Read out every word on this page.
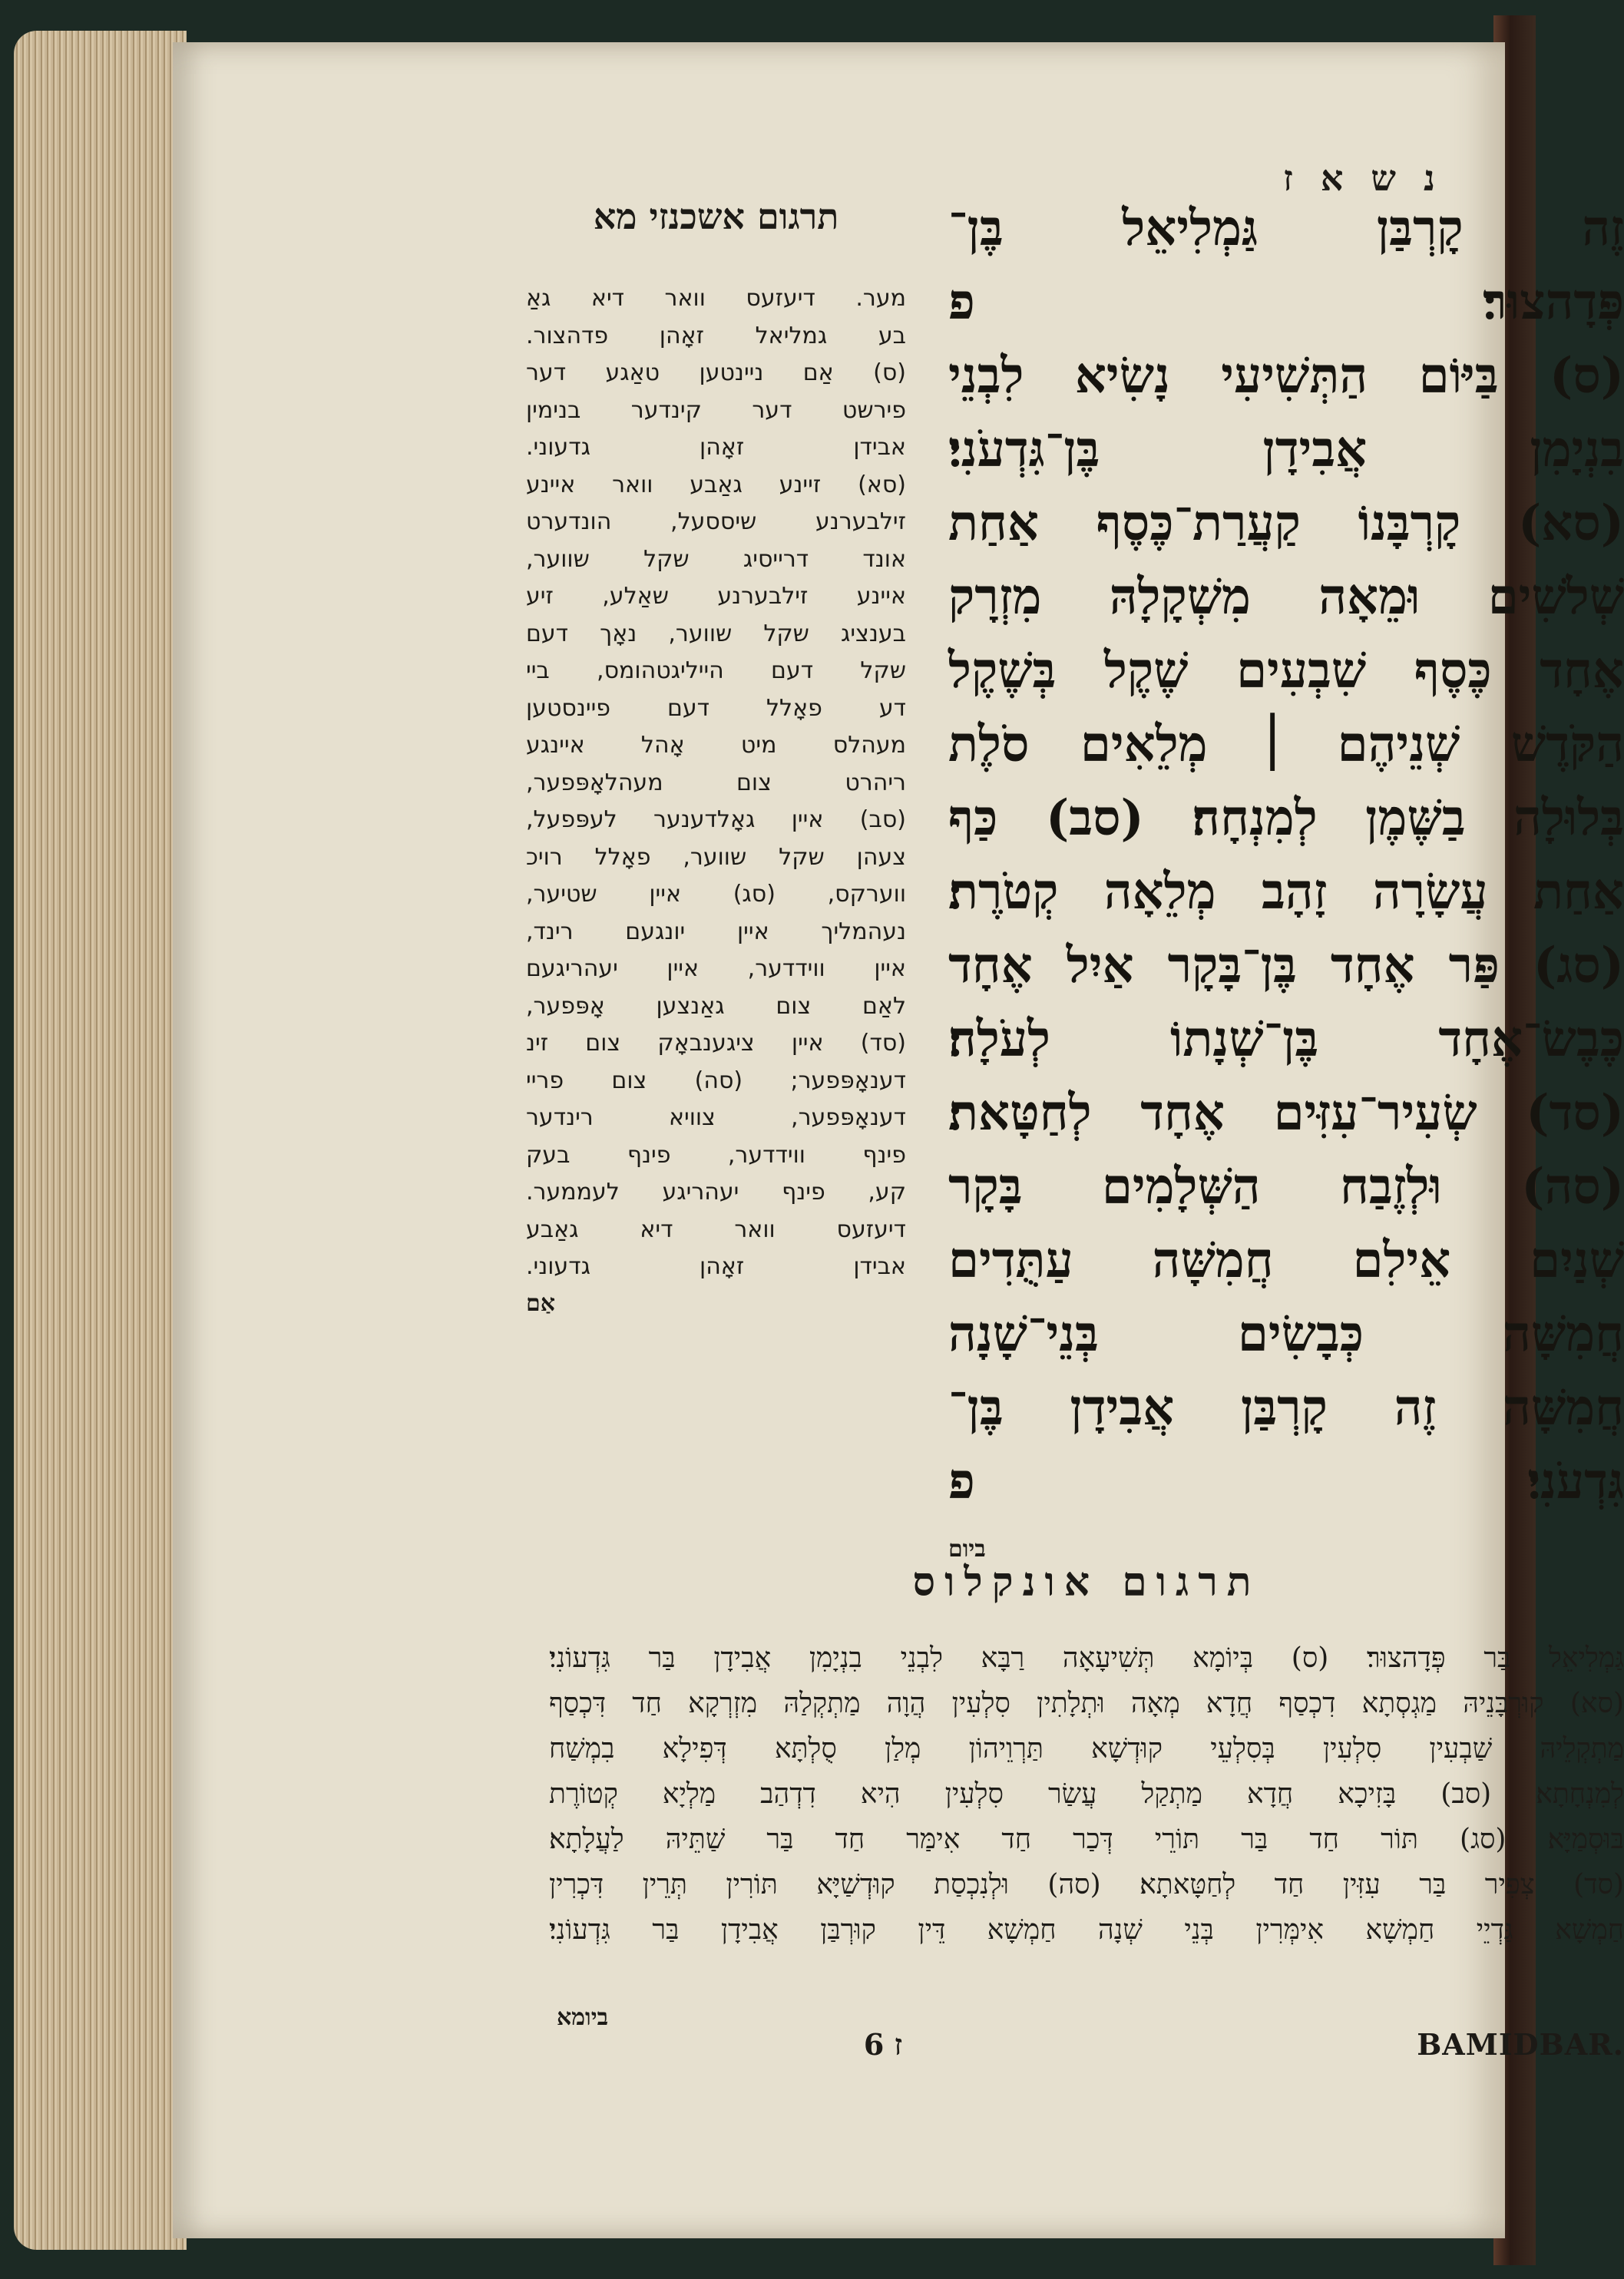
נ ש א ז
תרגום אשכנזי מא
מער. דיעזעס וואר דיא גאַ
בע גמליאל זאָהן פדהצור.
(ס) אַם ניינטען טאַגע דער
פירשט דער קינדער בנימין
אבידן זאָהן גדעוני.
(סא) זיינע גאַבע וואר איינע
זילבערנע שיססעל, הונדערט
אונד דרייסיג שקל שווער,
איינע זילבערנע שאַלע, זיע
בענציג שקל שווער, נאָך דעם
שקל דעם הייליגטהומס, ביי
דע פאָלל דעם פיינסטען
מעהלס מיט אָהל איינגע
ריהרט צום מעהלאָפּפער,
(סב) איין גאָלדענער לעפּפעל,
צעהן שקל שווער, פאָלל רויכ
ווערקס, (סג) איין שטיער,
נעהמליך איין יונגעם רינד,
איין ווידדער, איין יעהריגעם
לאַם צום גאַנצען אָפּפער,
(סד) איין ציגענבאָק צום זינ
דענאָפּפער; (סה) צום פריי
דענאָפּפער, צוויא רינדער
פינף ווידדער, פינף בעק
קע, פינף יעהריגע לעממער.
דיעזעס וואר דיא גאַבע
אבידן זאָהן גדעוני.
אַם
זֶה קָרְבַּן גַּמְלִיאֵל בֶּן־
פְּדָהצוּר׃ פ
(ס) בַּיּוֹם הַתְּשִׁיעִי נָשִׂיא לִבְנֵי
בִנְיָמִן אֲבִידָן בֶּן־גִּדְעֹנִי׃
(סא) קָרְבָּנוֹ קַעֲרַת־כֶּסֶף אַחַת
שְׁלֹשִׁים וּמֵאָה מִשְׁקָלָהּ מִזְרָק
אֶחָד כֶּסֶף שִׁבְעִים שֶׁקֶל בְּשֶׁקֶל
הַקֹּדֶשׁ שְׁנֵיהֶם ׀ מְלֵאִים סֹלֶת
בְּלוּלָה בַשֶּׁמֶן לְמִנְחָה׃ (סב) כַּף
אַחַת עֲשָׂרָה זָהָב מְלֵאָה קְטֹרֶת׃
(סג) פַּר אֶחָד בֶּן־בָּקָר אַיִל אֶחָד
כֶּבֶשׂ־אֶחָד בֶּן־שְׁנָתוֹ לְעֹלָה׃
(סד) שְׂעִיר־עִזִּים אֶחָד לְחַטָּאת׃
(סה) וּלְזֶבַח הַשְּׁלָמִים בָּקָר
שְׁנַיִם אֵילִם חֲמִשָּׁה עַתֻּדִים
חֲמִשָּׁה כְּבָשִׂים בְּנֵי־שָׁנָה
חֲמִשָּׁה זֶה קָרְבַּן אֲבִידָן בֶּן־
גִּדְעֹנִי׃ פ
ביום
תרגום אונקלוס
גַּמְלִיאֵל בַּר פְּדָהצוּר׃ (ס) בְּיוֹמָא תְּשִׁיעָאָה רַבָּא לִבְנֵי בִנְיָמִן אֲבִידָן בַּר גִּדְעוֹנִי׃
(סא) קוּרְבָּנֵיהּ מַגְסְתָא דִכְסַף חֲדָא מְאָה וּתְלָתִין סִלְעִין הֲוָה מַתְקְלַהּ מִזְרְקָא חַד דִּכְסַף
מַתְקְלֵיהּ שַׁבְעִין סִלְעִין בְּסִלְעֵי קוּדְשָׁא תַּרְוֵיהוֹן מְלַן סֻלְתָּא דְּפִילָא בִמְשַׁח
לְמִנְחָתָא׃ (סב) בָּזִיכָא חֲדָא מַתְקַל עֲשַׂר סִלְעִין הִיא דִדְהַב מַלְיָא קְטוֹרֶת
בּוּסְמַיָּא׃ (סג) תּוֹר חַד בַּר תּוֹרֵי דְּכַר חַד אִימַּר חַד בַּר שַׁתֵּיהּ לַעֲלָתָא׃
(סד) צְפִיר בַּר עִזִּין חַד לְחַטָּאתָא׃ (סה) וּלְנִכְסַת קוּדְשַׁיָּא תּוֹרִין תְּרֵין דִּכְרִין
חַמְשָׁא גַּדְיֵי חַמְשָׁא אִימְּרִין בְּנֵי שְׁנָה חַמְשָׁא דֵּין קוּרְבַּן אֲבִידָן בַּר גִּדְעוֹנִי׃
ביומא
6 ז	BAMIDBAR.
